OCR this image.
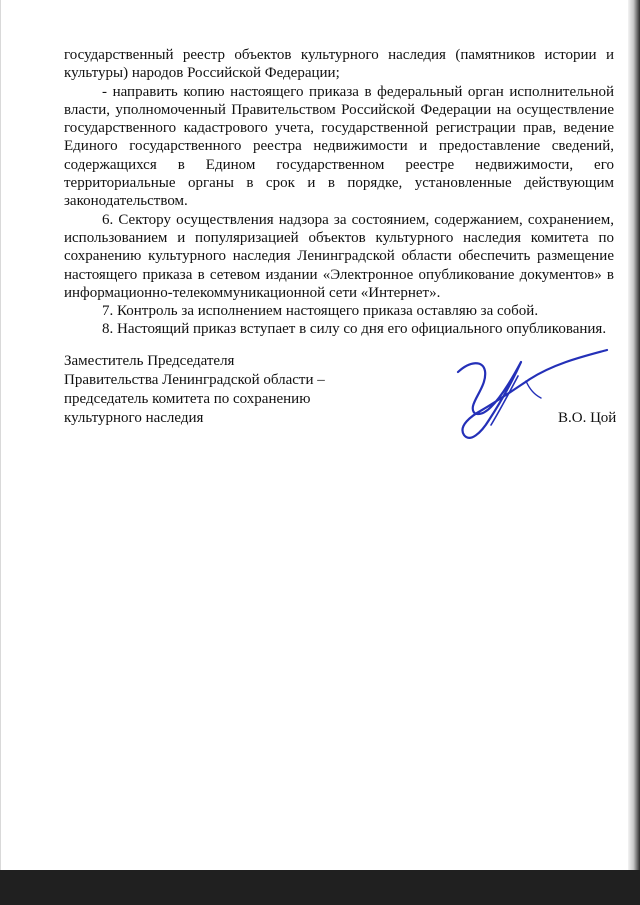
государственный реестр объектов культурного наследия (памятников истории и культуры) народов Российской Федерации;

- направить копию настоящего приказа в федеральный орган исполнительной власти, уполномоченный Правительством Российской Федерации на осуществление государственного кадастрового учета, государственной регистрации прав, ведение Единого государственного реестра недвижимости и предоставление сведений, содержащихся в Едином государственном реестре недвижимости, его территориальные органы в срок и в порядке, установленные действующим законодательством.

6. Сектору осуществления надзора за состоянием, содержанием, сохранением, использованием и популяризацией объектов культурного наследия комитета по сохранению культурного наследия Ленинградской области обеспечить размещение настоящего приказа в сетевом издании «Электронное опубликование документов» в информационно-телекоммуникационной сети «Интернет».

7. Контроль за исполнением настоящего приказа оставляю за собой.

8. Настоящий приказ вступает в силу со дня его официального опубликования.

Заместитель Председателя
Правительства Ленинградской области –
председатель комитета по сохранению
культурного наследия	В.О. Цой
